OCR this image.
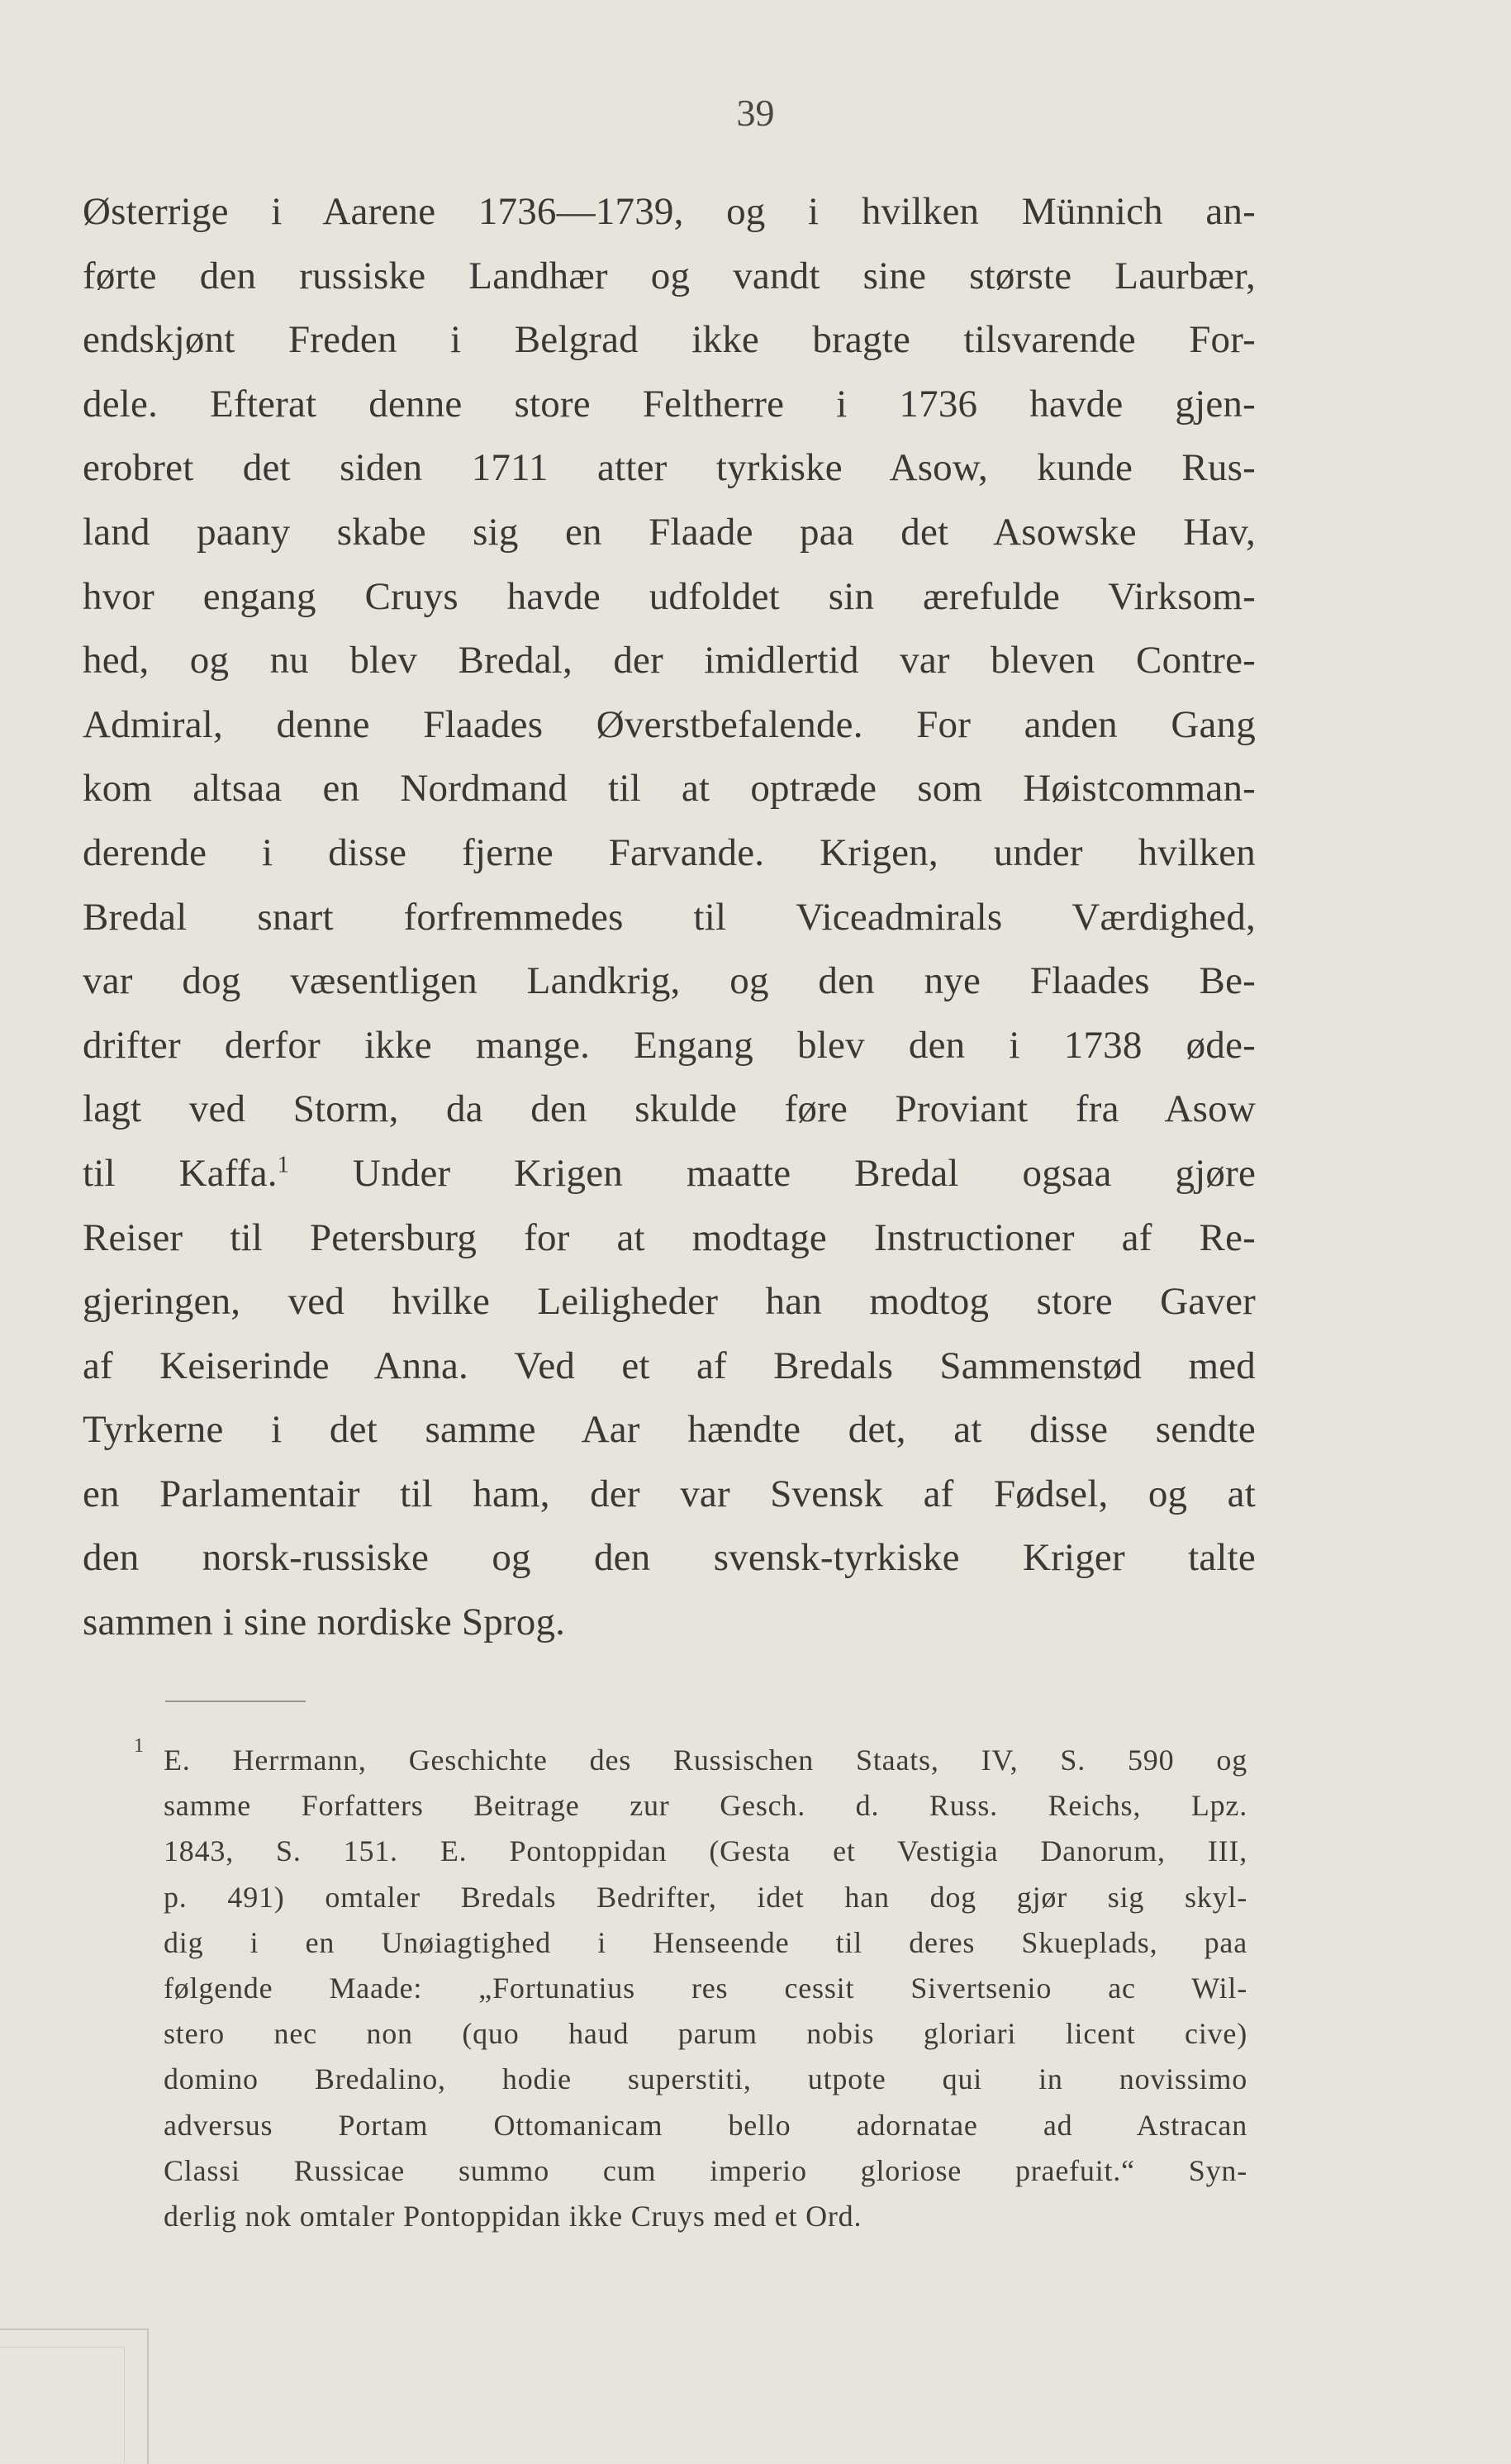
39
Østerrige i Aarene 1736—1739, og i hvilken Münnich an-
førte den russiske Landhær og vandt sine største Laurbær,
endskjønt Freden i Belgrad ikke bragte tilsvarende For-
dele. Efterat denne store Feltherre i 1736 havde gjen-
erobret det siden 1711 atter tyrkiske Asow, kunde Rus-
land paany skabe sig en Flaade paa det Asowske Hav,
hvor engang Cruys havde udfoldet sin ærefulde Virksom-
hed, og nu blev Bredal, der imidlertid var bleven Contre-
Admiral, denne Flaades Øverstbefalende. For anden Gang
kom altsaa en Nordmand til at optræde som Høistcomman-
derende i disse fjerne Farvande. Krigen, under hvilken
Bredal snart forfremmedes til Viceadmirals Værdighed,
var dog væsentligen Landkrig, og den nye Flaades Be-
drifter derfor ikke mange. Engang blev den i 1738 øde-
lagt ved Storm, da den skulde føre Proviant fra Asow
til Kaffa.$^1$ Under Krigen maatte Bredal ogsaa gjøre
Reiser til Petersburg for at modtage Instructioner af Re-
gjeringen, ved hvilke Leiligheder han modtog store Gaver
af Keiserinde Anna. Ved et af Bredals Sammenstød med
Tyrkerne i det samme Aar hændte det, at disse sendte
en Parlamentair til ham, der var Svensk af Fødsel, og at
den norsk-russiske og den svensk-tyrkiske Kriger talte
sammen i sine nordiske Sprog.
1 E. Herrmann, Geschichte des Russischen Staats, IV, S. 590 og
samme Forfatters Beitrage zur Gesch. d. Russ. Reichs, Lpz.
1843, S. 151. E. Pontoppidan (Gesta et Vestigia Danorum, III,
p. 491) omtaler Bredals Bedrifter, idet han dog gjør sig skyl-
dig i en Unøiagtighed i Henseende til deres Skueplads, paa
følgende Maade: „Fortunatius res cessit Sivertsenio ac Wil-
stero nec non (quo haud parum nobis gloriari licent cive)
domino Bredalino, hodie superstiti, utpote qui in novissimo
adversus Portam Ottomanicam bello adornatae ad Astracan
Classi Russicae summo cum imperio gloriose praefuit.“ Syn-
derlig nok omtaler Pontoppidan ikke Cruys med et Ord.
